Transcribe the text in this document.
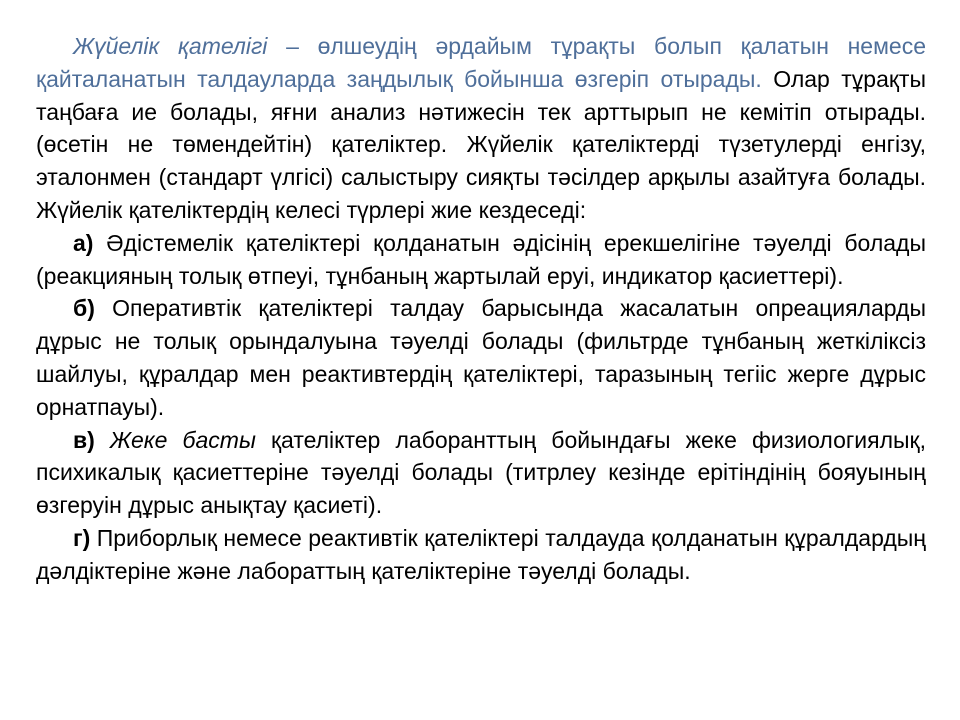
Жүйелік қателігі – өлшеудің әрдайым тұрақты болып қалатын немесе қайталанатын талдауларда заңдылық бойынша өзгеріп отырады. Олар тұрақты таңбаға ие болады, яғни анализ нәтижесін тек арттырып не кемітіп отырады. (өсетін не төмендейтін) қателіктер. Жүйелік қателіктерді түзетулерді енгізу, эталонмен (стандарт үлгісі) салыстыру сияқты тәсілдер арқылы азайтуға болады. Жүйелік қателіктердің келесі түрлері жие кездеседі:

а) Әдістемелік қателіктері қолданатын әдісінің ерекшелігіне тәуелді болады (реакцияның толық өтпеуі, тұнбаның жартылай еруі, индикатор қасиеттері).

б) Оперативтік қателіктері талдау барысында жасалатын опреацияларды дұрыс не толық орындалуына тәуелді болады (фильтрде тұнбаның жеткіліксіз шайлуы, құралдар мен реактивтердің қателіктері, таразының тегііс жерге дұрыс орнатпауы).

в) Жеке басты қателіктер лаборанттың бойындағы жеке физиологиялық, психикалық қасиеттеріне тәуелді болады (титрлеу кезінде ерітіндінің бояуының өзгеруін дұрыс анықтау қасиеті).

г) Приборлық немесе реактивтік қателіктері талдауда қолданатын құралдардың дәлдіктеріне және лабораттың қателіктеріне тәуелді болады.
